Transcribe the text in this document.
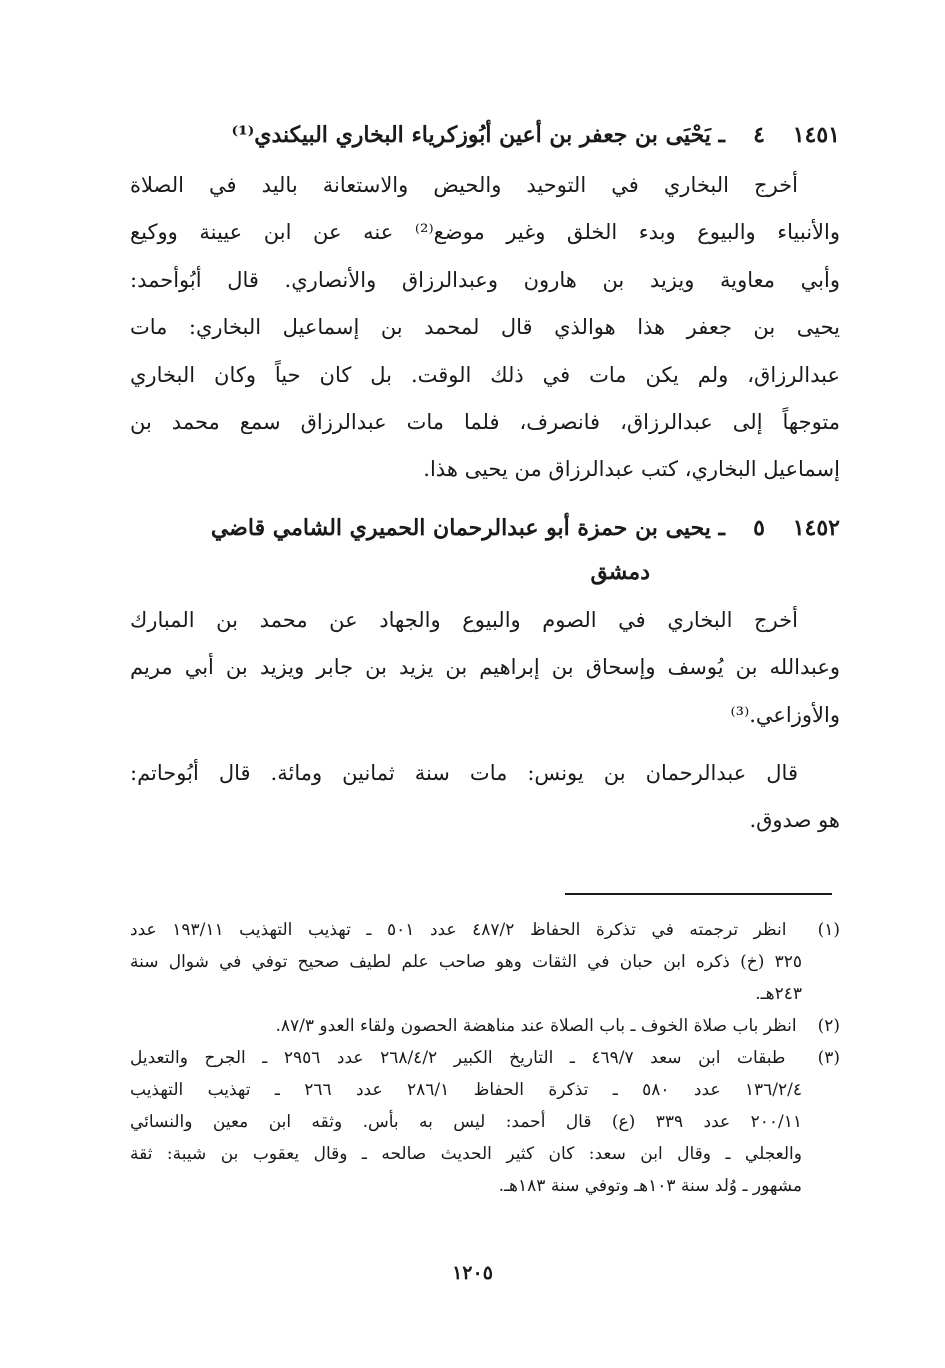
١٤٥١٤ـ يَحْيَى بن جعفر بن أعين أبُوزكرياء البخاري البيكندي⁽¹⁾
أخرج البخاري في التوحيد والحيض والاستعانة باليد في الصلاة
والأنبياء والبيوع وبدء الخلق وغير موضع⁽²⁾ عنه عن ابن عيينة ووكيع
وأبي معاوية ويزيد بن هارون وعبدالرزاق والأنصاري. قال أبُوأحمد:
يحيى بن جعفر هذا هوالذي قال لمحمد بن إسماعيل البخاري: مات
عبدالرزاق، ولم يكن مات في ذلك الوقت. بل كان حياً وكان البخاري
متوجهاً إلى عبدالرزاق، فانصرف، فلما مات عبدالرزاق سمع محمد بن
إسماعيل البخاري، كتب عبدالرزاق من يحيى هذا.
١٤٥٢٥ـ يحيى بن حمزة أبو عبدالرحمان الحميري الشامي قاضي
دمشق
أخرج البخاري في الصوم والبيوع والجهاد عن محمد بن المبارك
وعبدالله بن يُوسف وإسحاق بن إبراهيم بن يزيد بن جابر ويزيد بن أبي مريم
والأوزاعي.⁽³⁾
قال عبدالرحمان بن يونس: مات سنة ثمانين ومائة. قال أبُوحاتم:
هو صدوق.
(١) انظر ترجمته في تذكرة الحفاظ ٤٨٧/٢ عدد ٥٠١ ـ تهذيب التهذيب ١٩٣/١١ عدد
٣٢٥ (خ) ذكره ابن حبان في الثقات وهو صاحب علم لطيف صحيح توفي في شوال سنة
٢٤٣هـ.
(٢) انظر باب صلاة الخوف ـ باب الصلاة عند مناهضة الحصون ولقاء العدو ٨٧/٣.
(٣) طبقات ابن سعد ٤٦٩/٧ ـ التاريخ الكبير ٢٦٨/٤/٢ عدد ٢٩٥٦ ـ الجرح والتعديل
١٣٦/٢/٤ عدد ٥٨٠ ـ تذكرة الحفاظ ٢٨٦/١ عدد ٢٦٦ ـ تهذيب التهذيب
٢٠٠/١١ عدد ٣٣٩ (ع) قال أحمد: ليس به بأس. وثقه ابن معين والنسائي
والعجلي ـ وقال ابن سعد: كان كثير الحديث صالحه ـ وقال يعقوب بن شيبة: ثقة
مشهور ـ وُلد سنة ١٠٣هـ وتوفي سنة ١٨٣هـ.
١٢٠٥
